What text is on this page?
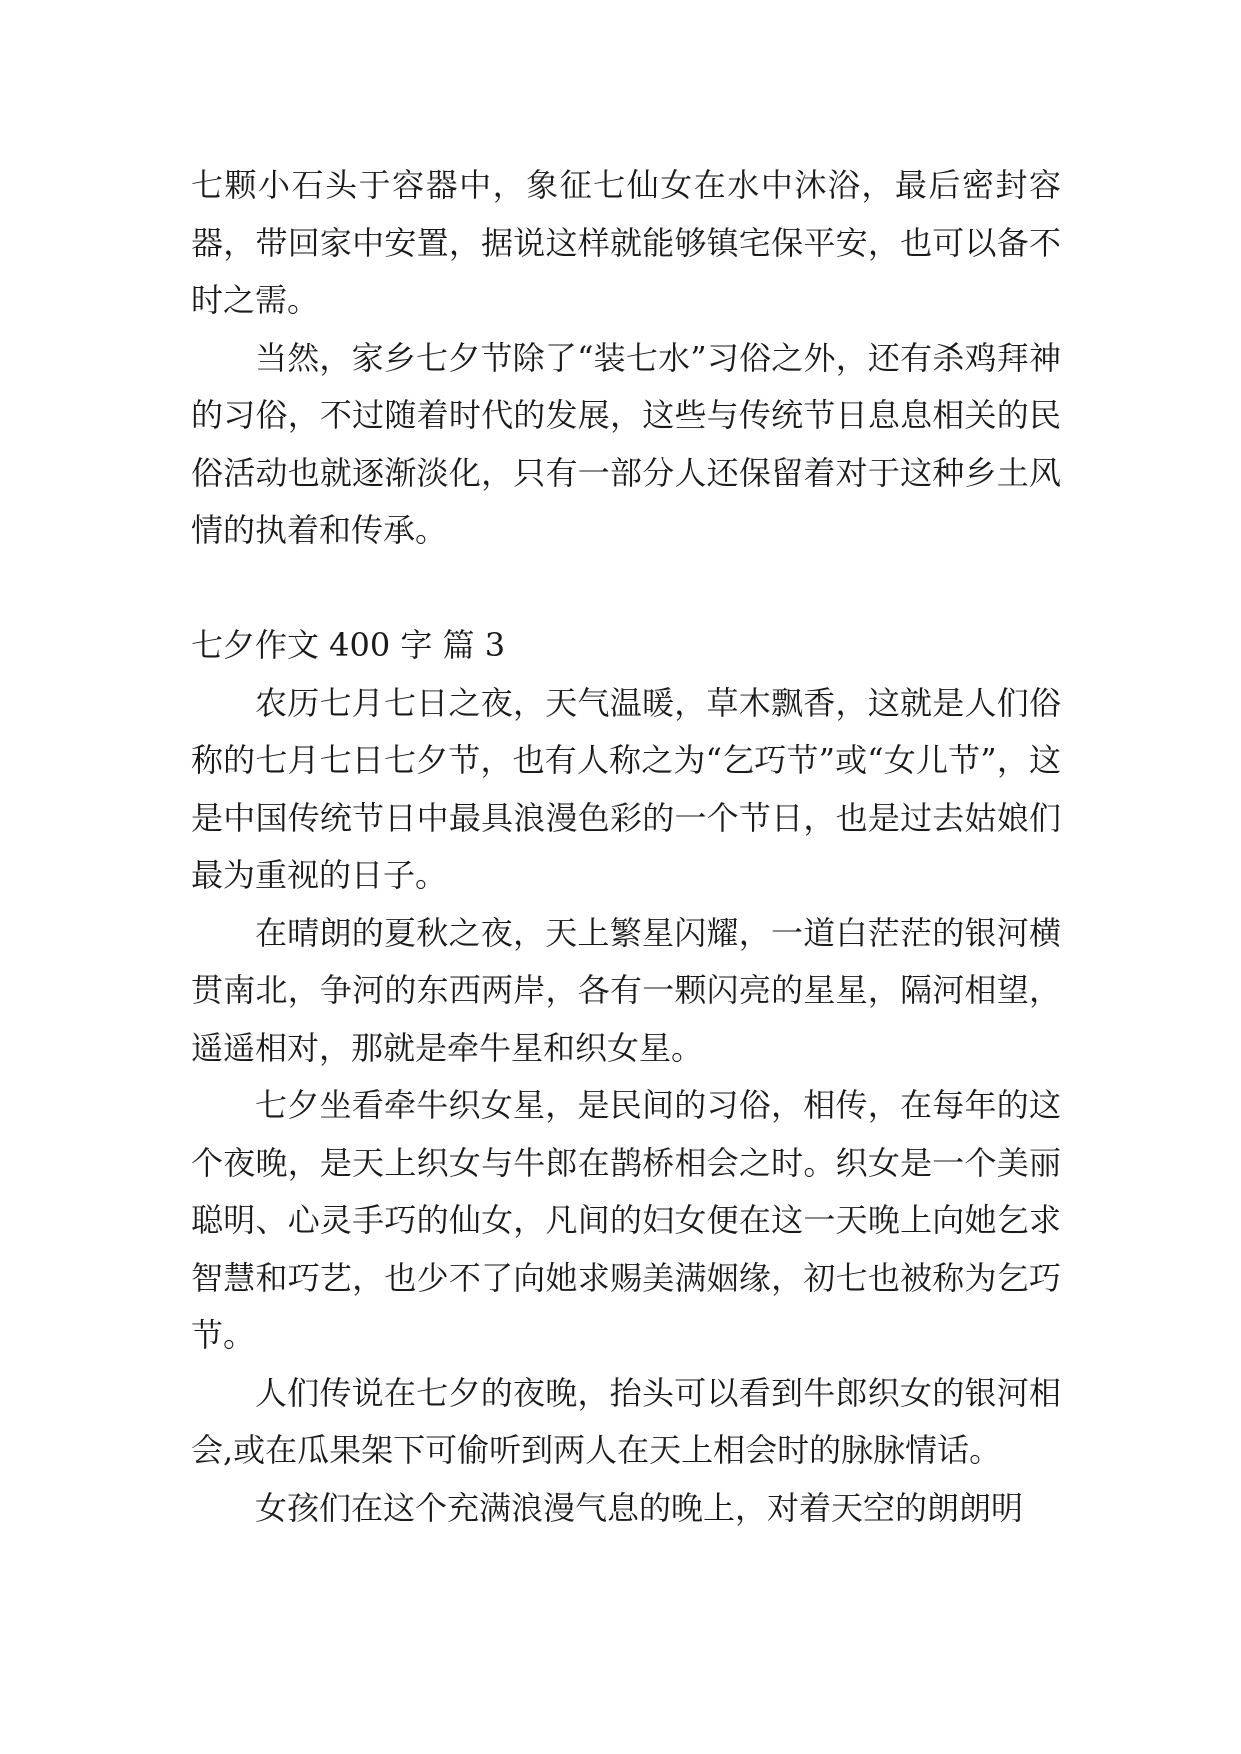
七颗小石头于容器中，象征七仙女在水中沐浴，最后密封容器，带回家中安置，据说这样就能够镇宅保平安，也可以备不时之需。

当然，家乡七夕节除了“装七水”习俗之外，还有杀鸡拜神的习俗，不过随着时代的发展，这些与传统节日息息相关的民俗活动也就逐渐淡化，只有一部分人还保留着对于这种乡土风情的执着和传承。

七夕作文 400 字 篇 3

农历七月七日之夜，天气温暖，草木飘香，这就是人们俗称的七月七日七夕节，也有人称之为“乞巧节”或“女儿节”，这是中国传统节日中最具浪漫色彩的一个节日，也是过去姑娘们最为重视的日子。

在晴朗的夏秋之夜，天上繁星闪耀，一道白茫茫的银河横贯南北，争河的东西两岸，各有一颗闪亮的星星，隔河相望，遥遥相对，那就是牵牛星和织女星。

七夕坐看牵牛织女星，是民间的习俗，相传，在每年的这个夜晚，是天上织女与牛郎在鹊桥相会之时。织女是一个美丽聪明、心灵手巧的仙女，凡间的妇女便在这一天晚上向她乞求智慧和巧艺，也少不了向她求赐美满姻缘，初七也被称为乞巧节。

人们传说在七夕的夜晚，抬头可以看到牛郎织女的银河相会,或在瓜果架下可偷听到两人在天上相会时的脉脉情话。

女孩们在这个充满浪漫气息的晚上，对着天空的朗朗明
